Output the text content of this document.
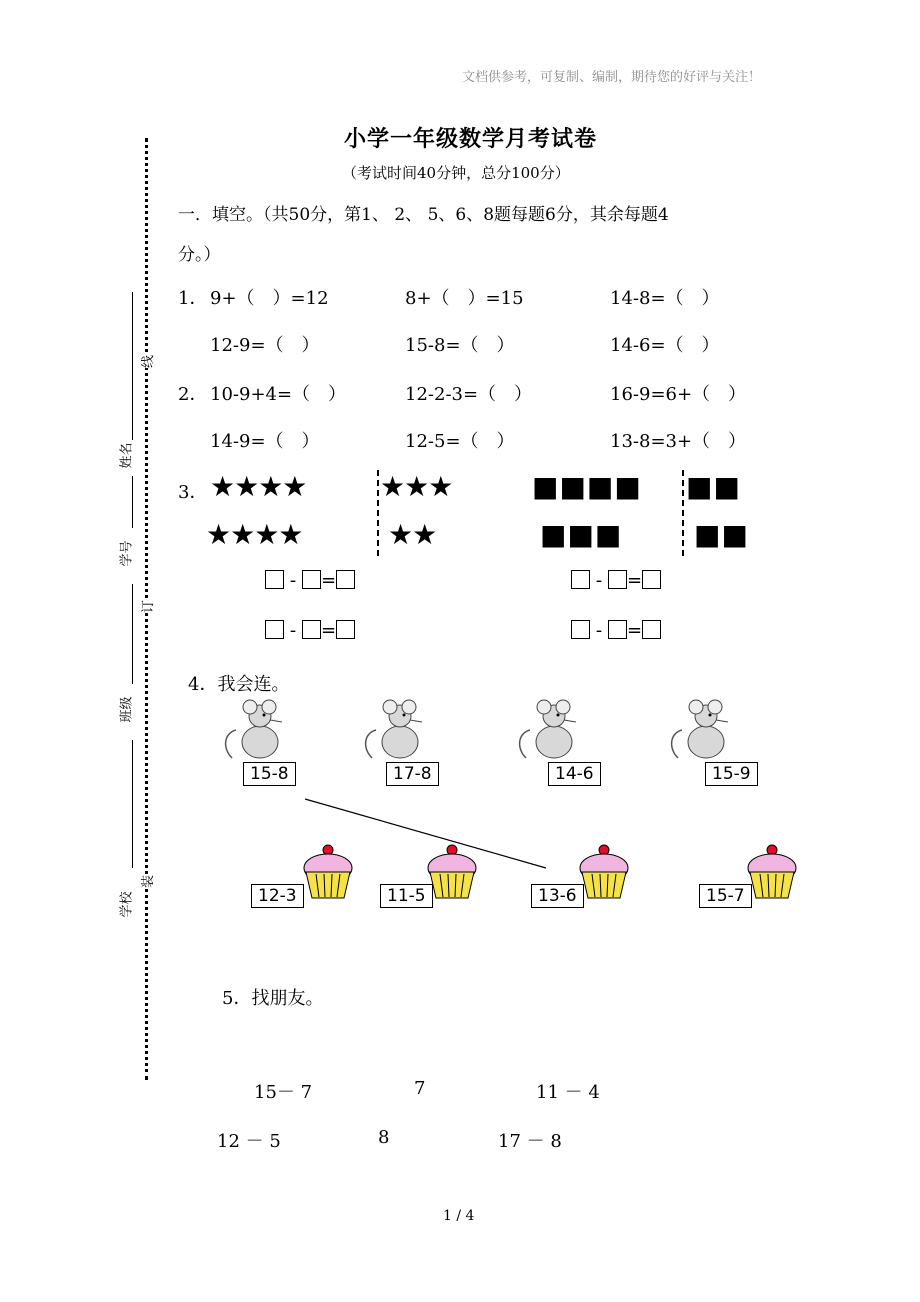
文档供参考，可复制、编制，期待您的好评与关注！
姓名
学号
班级
学校
线
订
装
小学一年级数学月考试卷
（考试时间40分钟，总分100分）
一．填空。（共50分，第1、 2、 5、6、8题每题6分，其余每题4
分。）
1． 9+（　）=12	8+（　）=15	14-8=（　）
12-9=（　）	15-8=（　）	14-6=（　）
2． 10-9+4=（　）	12-2-3=（　）	16-9=6+（　）
14-9=（　）	12-5=（　）	13-8=3+（　）
3． ★★★★	★★★
★★★★	★★
■■■■ ■■
■■■	■■
- =
- =
- =
- =
4．我会连。
15-8	17-8	14-6	15-9
12-3	11-5	13-6	15-7
5．找朋友。
15－ 7	7	11 － 4
12 － 5	8	17 － 8
1 / 4
